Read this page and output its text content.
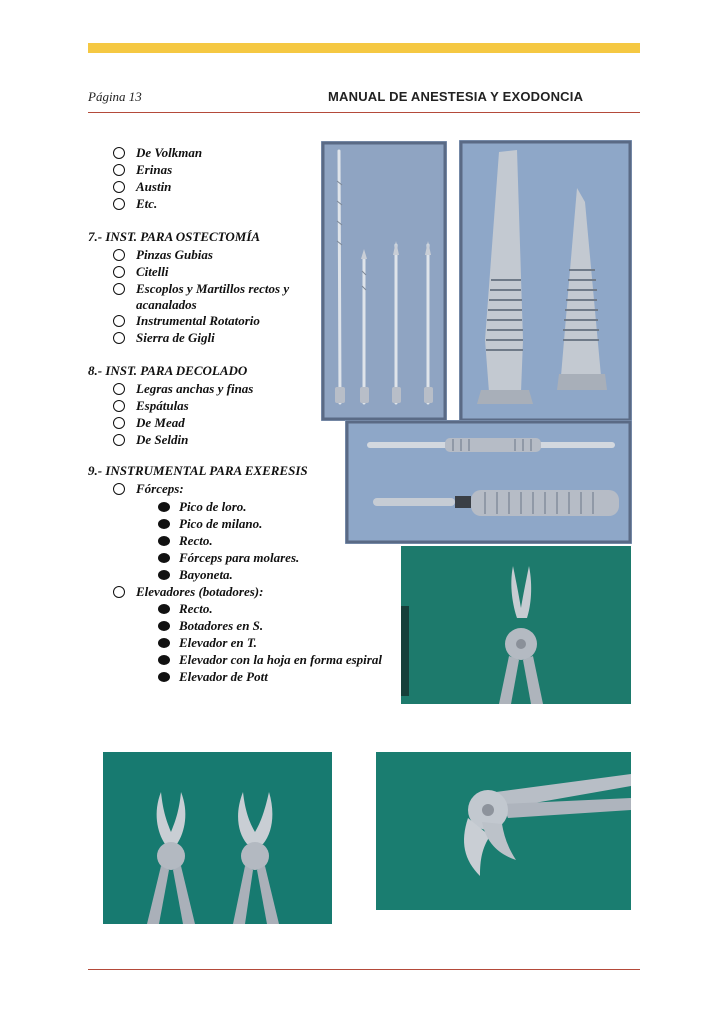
Página 13	MANUAL DE ANESTESIA Y EXODONCIA
De Volkman
Erinas
Austin
Etc.
7.- INST. PARA OSTECTOMÍA
Pinzas Gubias
Citelli
Escoplos y Martillos rectos y
acanalados
Instrumental Rotatorio
Sierra de Gigli
8.- INST. PARA DECOLADO
Legras anchas y finas
Espátulas
De Mead
De Seldin
9.- INSTRUMENTAL PARA EXERESIS
Fórceps:
Pico de loro.
Pico de milano.
Recto.
Fórceps para molares.
Bayoneta.
Elevadores (botadores):
Recto.
Botadores en S.
Elevador en T.
Elevador con la hoja en forma espiral
Elevador de Pott
